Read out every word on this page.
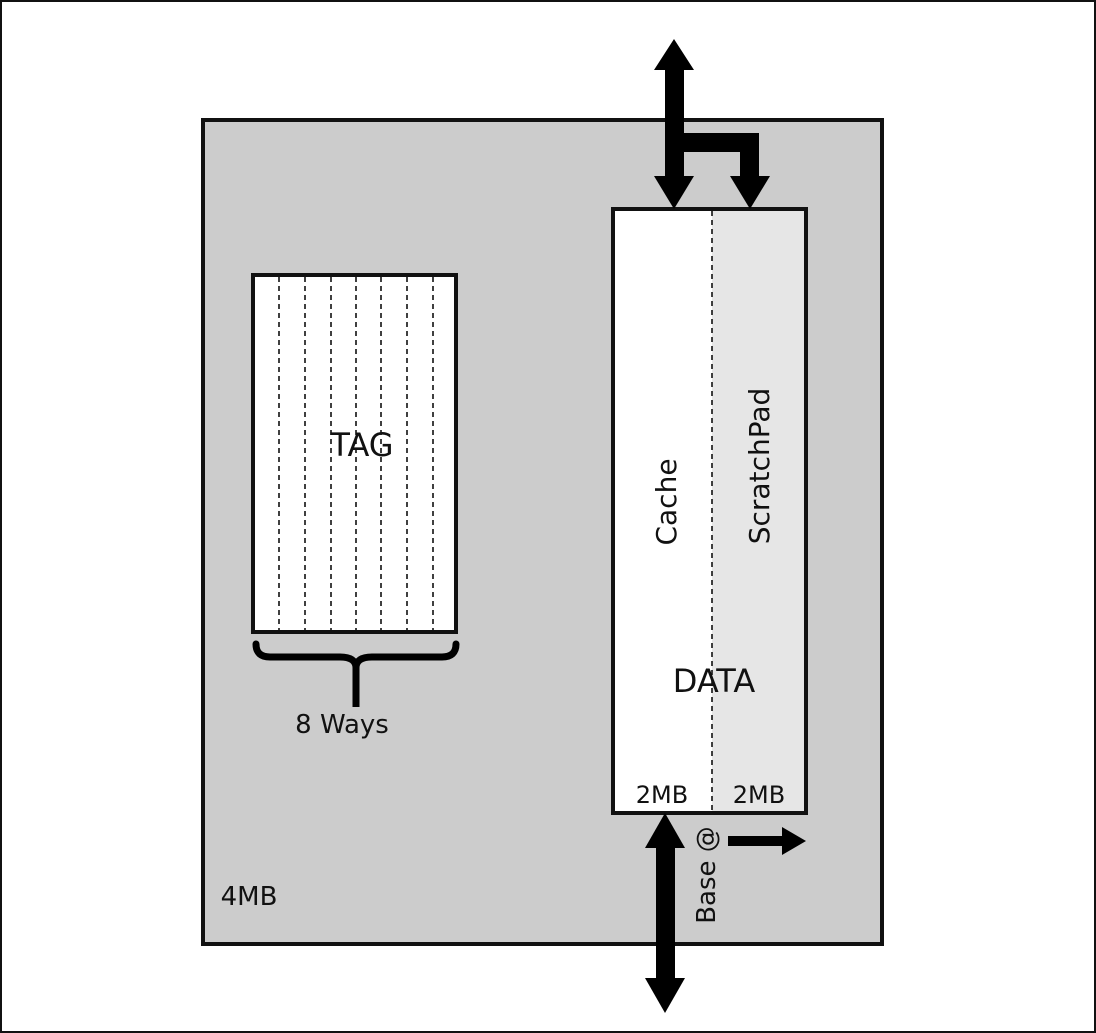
TAG
8 Ways
Cache ScratchPad
DATA
2MB 2MB
Base @
4MB
